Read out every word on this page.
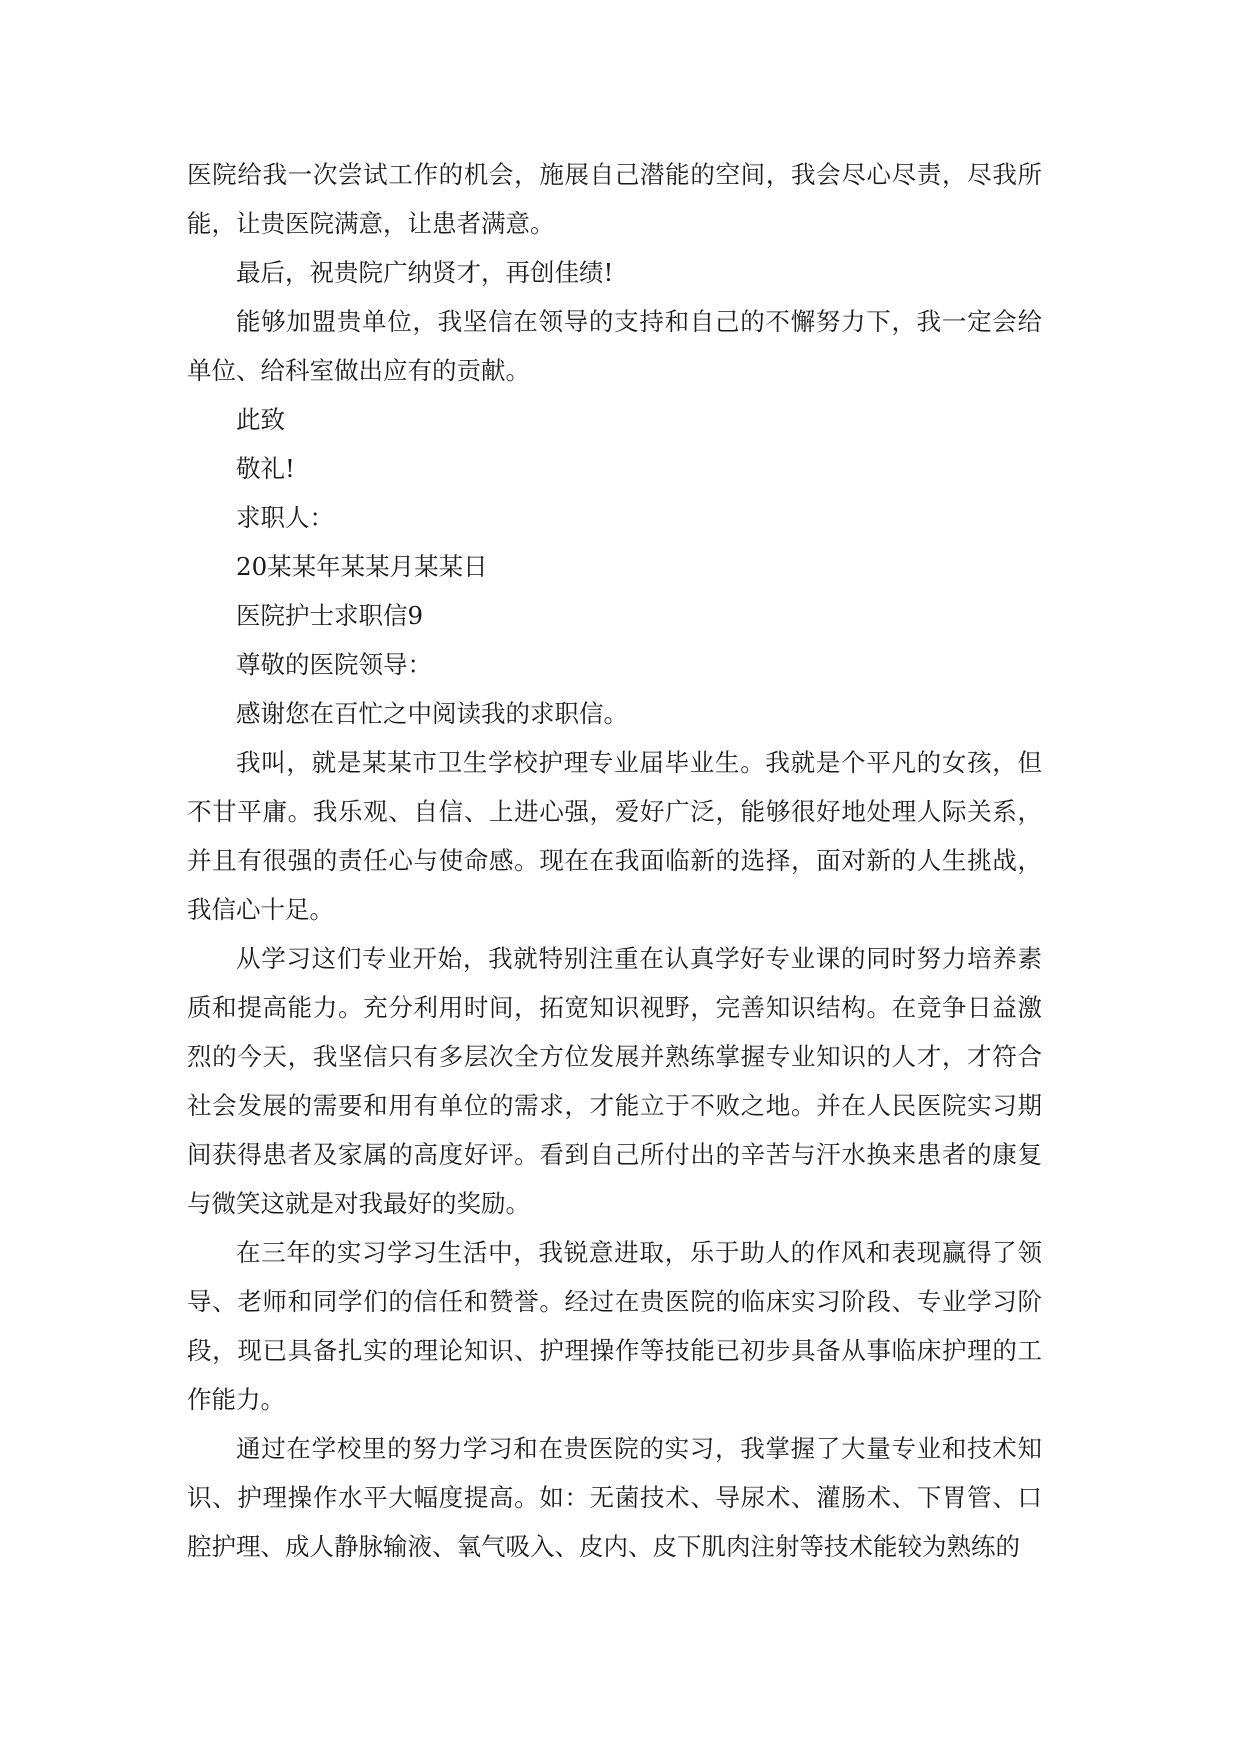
医院给我一次尝试工作的机会，施展自己潜能的空间，我会尽心尽责，尽我所能，让贵医院满意，让患者满意。

最后，祝贵院广纳贤才，再创佳绩!

能够加盟贵单位，我坚信在领导的支持和自己的不懈努力下，我一定会给单位、给科室做出应有的贡献。

此致

敬礼!

求职人：

20某某年某某月某某日

医院护士求职信9

尊敬的医院领导：

感谢您在百忙之中阅读我的求职信。

我叫，就是某某市卫生学校护理专业届毕业生。我就是个平凡的女孩，但不甘平庸。我乐观、自信、上进心强，爱好广泛，能够很好地处理人际关系，并且有很强的责任心与使命感。现在在我面临新的选择，面对新的人生挑战，我信心十足。

从学习这们专业开始，我就特别注重在认真学好专业课的同时努力培养素质和提高能力。充分利用时间，拓宽知识视野，完善知识结构。在竞争日益激烈的今天，我坚信只有多层次全方位发展并熟练掌握专业知识的人才，才符合社会发展的需要和用有单位的需求，才能立于不败之地。并在人民医院实习期间获得患者及家属的高度好评。看到自己所付出的辛苦与汗水换来患者的康复与微笑这就是对我最好的奖励。

在三年的实习学习生活中，我锐意进取，乐于助人的作风和表现赢得了领导、老师和同学们的信任和赞誉。经过在贵医院的临床实习阶段、专业学习阶段，现已具备扎实的理论知识、护理操作等技能已初步具备从事临床护理的工作能力。

通过在学校里的努力学习和在贵医院的实习，我掌握了大量专业和技术知识、护理操作水平大幅度提高。如：无菌技术、导尿术、灌肠术、下胃管、口腔护理、成人静脉输液、氧气吸入、皮内、皮下肌肉注射等技术能较为熟练的
